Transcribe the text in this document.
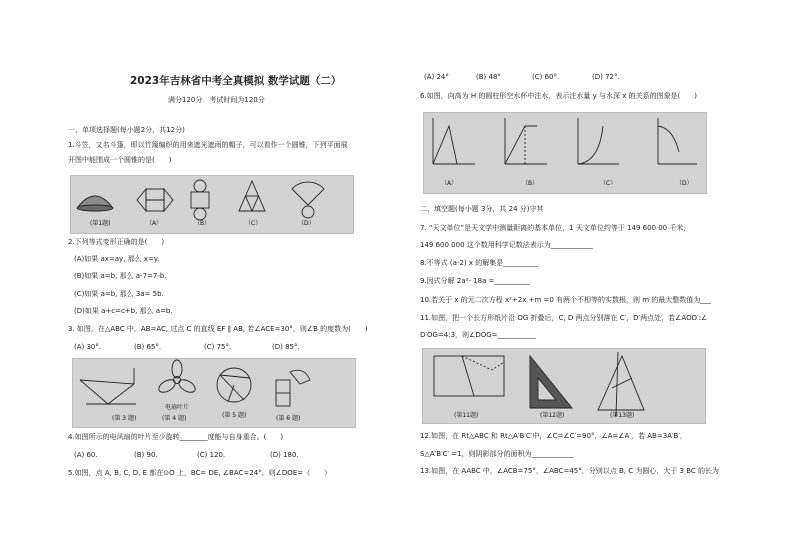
2023年吉林省中考全真模拟 数学试题（二）
满分120分　考试时间为120分
一、单项选择题(每小题2分，共12分)
1.斗笠，又名斗篷，即以竹篾编织的用来遮光遮雨的帽子，可以看作一个圆锥，下列平面展
开图中能围成一个圆锥的是(　　)
(第1题)	（A）	（B）	（C）	（D）
2.下列等式变形正确的是(　　)
(A)如果 ax=ay, 那么 x=y.
(B)如果 a=b, 那么 a-7=7-b.
(C)如果 a=b, 那么 3a= 5b.
(D)如果 a+c=c+b, 那么 a=b.
3. 如图，在△ABC 中，AB=AC, 过点 C 的直线 EF ∥ AB, 若∠ACE=30°，则∠B 的度数为(　　)
(A) 30°.	(B) 65°.	(C) 75°.	(D) 85°.
(第 3 题)
电扇叶片
(第 4 题)	(第 5 题)	(第 6 题)
4.如图所示的电风扇的叶片至少旋转________度能与自身重合。(　　)
(A) 60.	(B) 90.	(C) 120.	(D) 180.
5.如图，点 A, B, C, D, E 都在⊙O 上，BC= DE, ∠BAC=24°，则∠DOE=（　　）
(A) 24°	(B) 48°	(C) 60°.	(D) 72°.
6.如图，向高为 H 的圆柱形空水杯中注水，表示注水量 y 与水深 x 的关系的图象是(　　)
（A）	（B）	（C）	（D）
二、填空题(每小题 3分，共 24 分)守其
7. “天文单位”是天文学中测量距离的基本单位，1 天文单位约等于 149 600 00 千米，
149 600 000 这个数用科学记数法表示为____________
8.不等式 (a-2) x 的解集是__________
9.因式分解 2a²- 18a =__________
10.若关于 x 的元二次方程 x²+2x +m =0 有两个不相等的实数根，则 m 的最大整数值为___
11.如图，把一个长方形纸片沿 OG 折叠后，C, D 两点分别落在 C′，D′两点处，若∠AOD′:∠
D′OG=4:3，则∠DOG=___________
(第11题)	(第12题)	(第13题)
12.如图，在 Rt△ABC 和 Rt△A′B′C′中，∠C=∠C′=90°，∠A=∠A′，若 AB=3A′B′，
S△A′B′C′ =1，则阴影部分的面积为____________
13.如图，在 AABC 中，∠ACB=75°，∠ABC=45°，分别以点 B, C 为圆心，大于 3 BC 的长为
